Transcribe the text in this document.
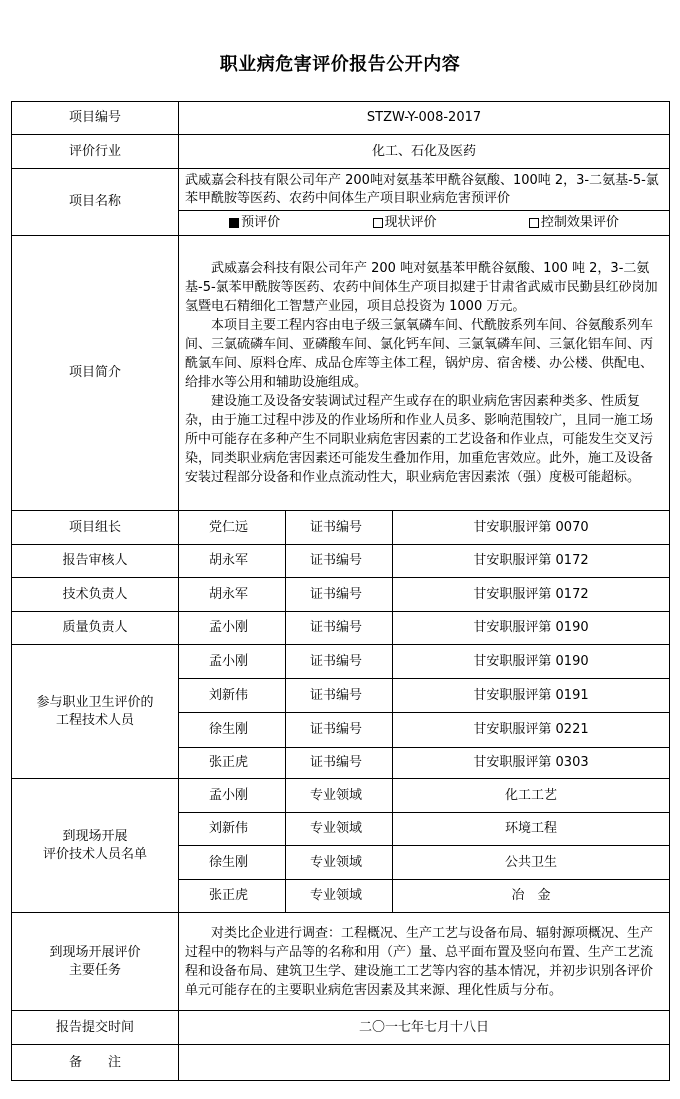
职业病危害评价报告公开内容
项目编号	STZW-Y-008-2017		
评价行业	化工、石化及医药		
项目名称	武威嘉会科技有限公司年产 200吨对氨基苯甲酰谷氨酸、100吨 2，3-二氨基-5-氯苯甲酰胺等医药、农药中间体生产项目职业病危害预评价		

	预评价 现状评价 控制效果评价		

项目简介	武威嘉会科技有限公司年产 200 吨对氨基苯甲酰谷氨酸、100 吨 2，3-二氨基-5-氯苯甲酰胺等医药、农药中间体生产项目拟建于甘肃省武威市民勤县红砂岗加氢暨电石精细化工智慧产业园，项目总投资为 1000 万元。

本项目主要工程内容由电子级三氯氧磷车间、代酰胺系列车间、谷氨酸系列车间、三氯硫磷车间、亚磷酸车间、氯化钙车间、三氯氧磷车间、三氯化铝车间、丙酰氯车间、原料仓库、成品仓库等主体工程，锅炉房、宿舍楼、办公楼、供配电、给排水等公用和辅助设施组成。

建设施工及设备安装调试过程产生或存在的职业病危害因素种类多、性质复杂，由于施工过程中涉及的作业场所和作业人员多、影响范围较广，且同一施工场所中可能存在多种产生不同职业病危害因素的工艺设备和作业点，可能发生交叉污染，同类职业病危害因素还可能发生叠加作用，加重危害效应。此外，施工及设备安装过程部分设备和作业点流动性大，职业病危害因素浓（强）度极可能超标。		

项目组长	党仁远	证书编号	甘安职服评第 0070
报告审核人	胡永军	证书编号	甘安职服评第 0172
技术负责人	胡永军	证书编号	甘安职服评第 0172
质量负责人	孟小刚	证书编号	甘安职服评第 0190
参与职业卫生评价的
工程技术人员	孟小刚	证书编号	甘安职服评第 0190
	刘新伟	证书编号	甘安职服评第 0191
	徐生刚	证书编号	甘安职服评第 0221
	张正虎	证书编号	甘安职服评第 0303
到现场开展
评价技术人员名单	孟小刚	专业领域	化工工艺
	刘新伟	专业领域	环境工程
	徐生刚	专业领域	公共卫生
	张正虎	专业领域	冶　金
到现场开展评价
主要任务	对类比企业进行调查：工程概况、生产工艺与设备布局、辐射源项概况、生产过程中的物料与产品等的名称和用（产）量、总平面布置及竖向布置、生产工艺流程和设备布局、建筑卫生学、建设施工工艺等内容的基本情况，并初步识别各评价单元可能存在的主要职业病危害因素及其来源、理化性质与分布。		

报告提交时间	二〇一七年七月十八日		
备　　注			
